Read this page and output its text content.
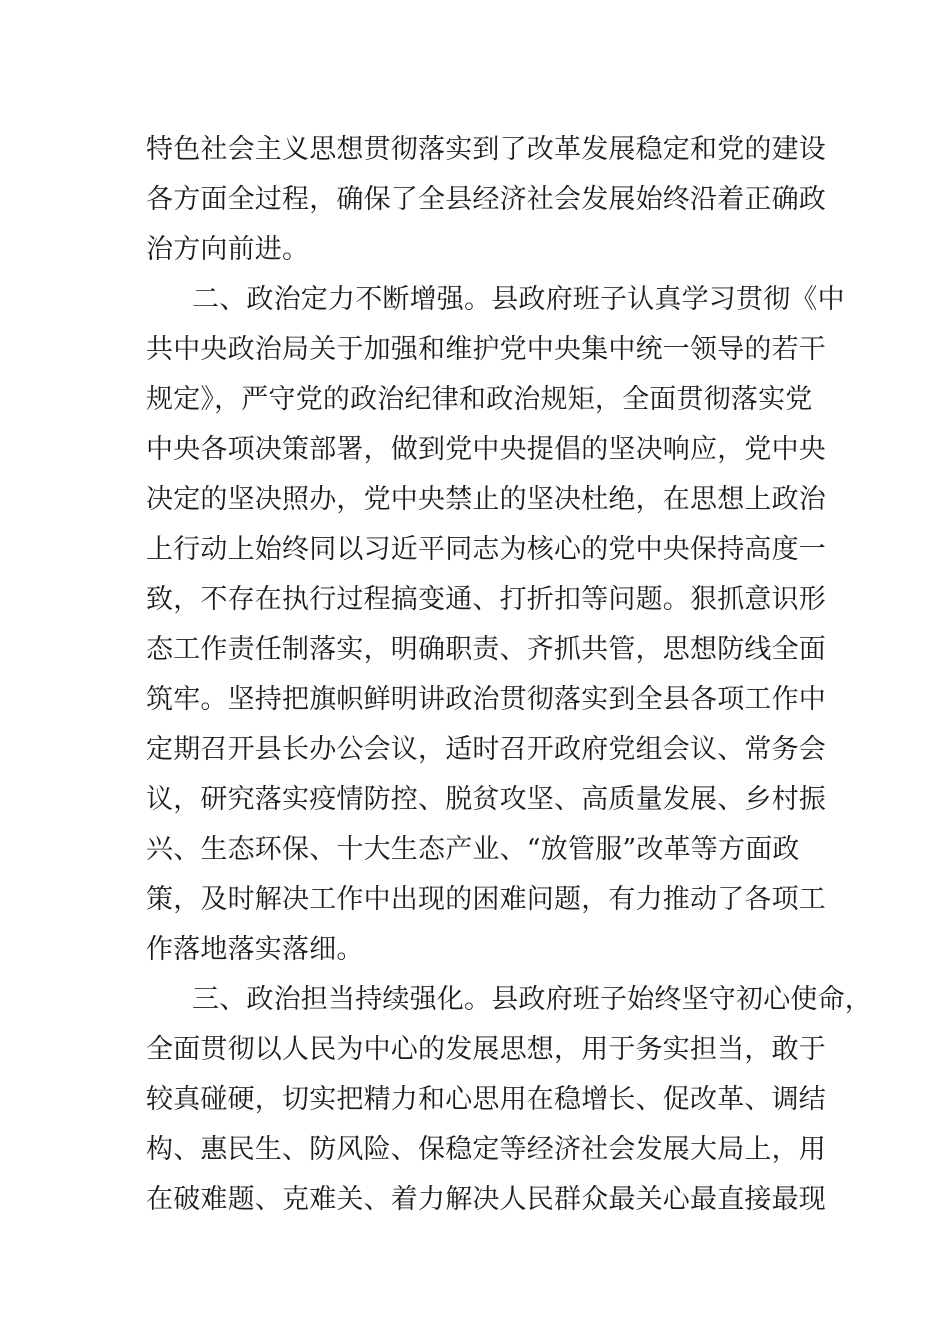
特色社会主义思想贯彻落实到了改革发展稳定和党的建设
各方面全过程，确保了全县经济社会发展始终沿着正确政
治方向前进。
二、政治定力不断增强。县政府班子认真学习贯彻《中
共中央政治局关于加强和维护党中央集中统一领导的若干
规定》，严守党的政治纪律和政治规矩，全面贯彻落实党
中央各项决策部署，做到党中央提倡的坚决响应，党中央
决定的坚决照办，党中央禁止的坚决杜绝，在思想上政治
上行动上始终同以习近平同志为核心的党中央保持高度一
致，不存在执行过程搞变通、打折扣等问题。狠抓意识形
态工作责任制落实，明确职责、齐抓共管，思想防线全面
筑牢。坚持把旗帜鲜明讲政治贯彻落实到全县各项工作中
定期召开县长办公会议，适时召开政府党组会议、常务会
议，研究落实疫情防控、脱贫攻坚、高质量发展、乡村振
兴、生态环保、十大生态产业、“放管服”改革等方面政
策，及时解决工作中出现的困难问题，有力推动了各项工
作落地落实落细。
三、政治担当持续强化。县政府班子始终坚守初心使命，
全面贯彻以人民为中心的发展思想，用于务实担当，敢于
较真碰硬，切实把精力和心思用在稳增长、促改革、调结
构、惠民生、防风险、保稳定等经济社会发展大局上，用
在破难题、克难关、着力解决人民群众最关心最直接最现
